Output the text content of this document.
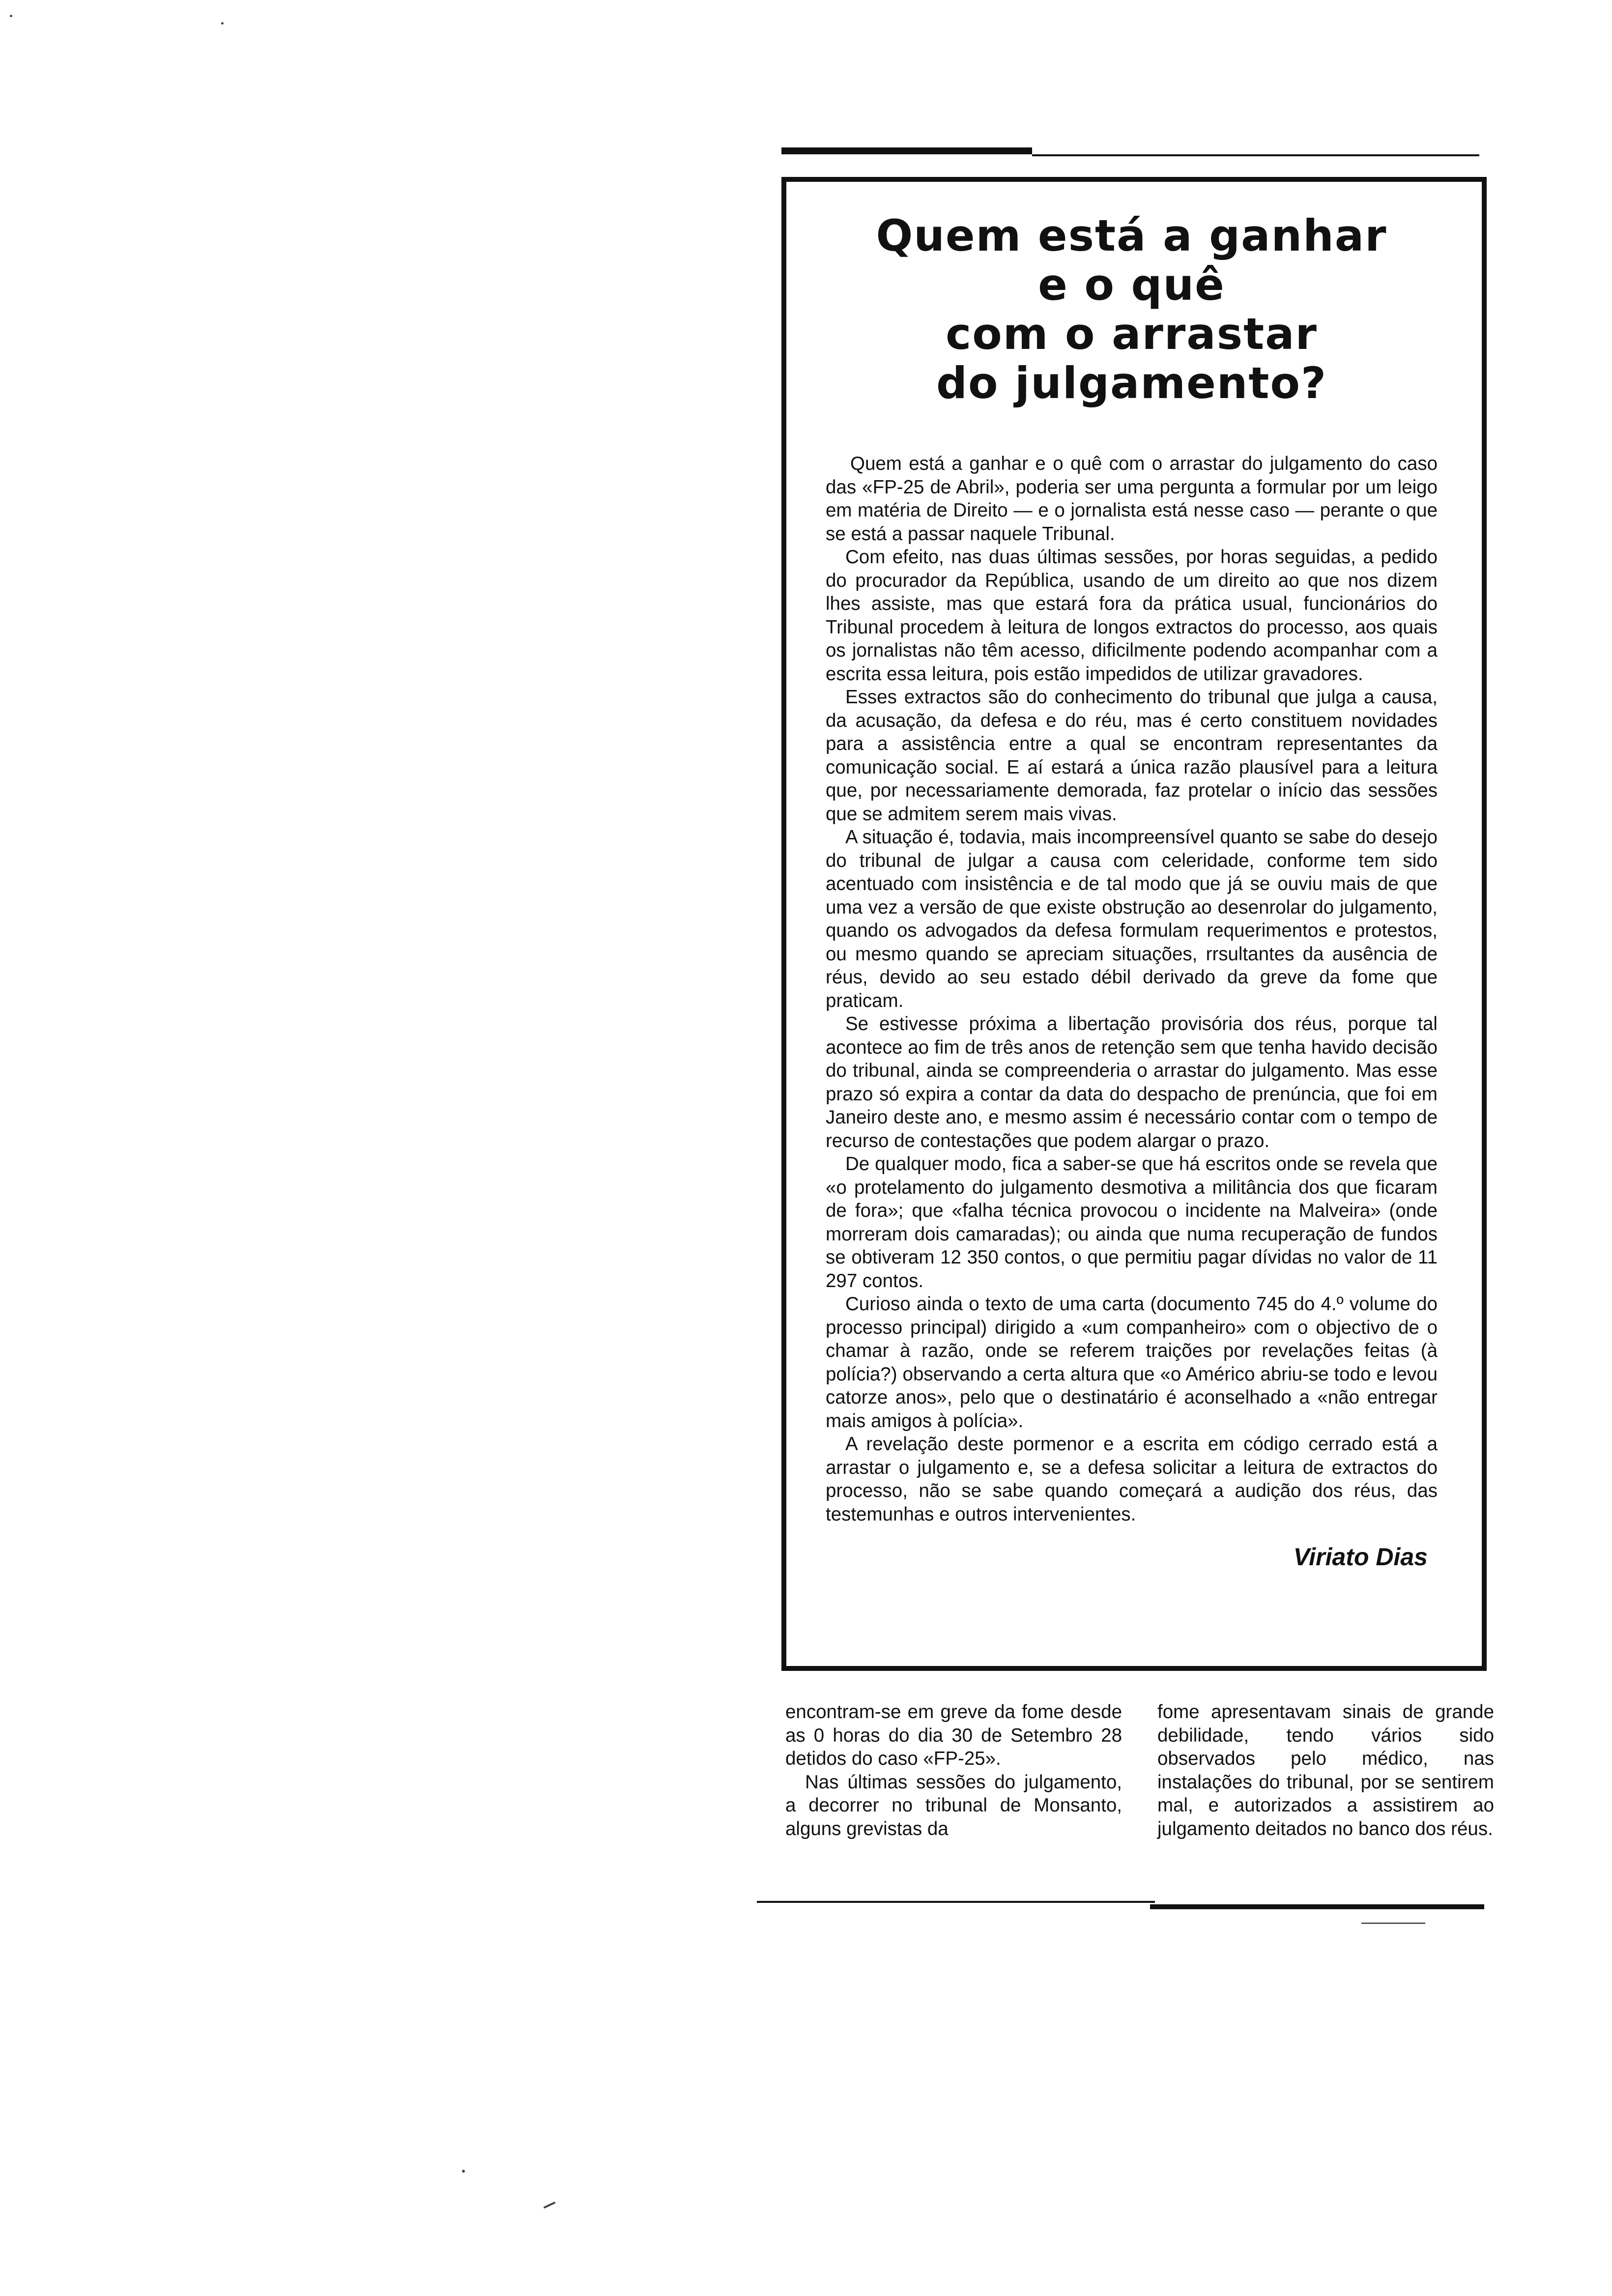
Quem está a ganhar
e o quê
com o arrastar
do julgamento?

Quem está a ganhar e o quê com o arrastar do julgamento do caso das «FP-25 de Abril», poderia ser uma pergunta a formular por um leigo em matéria de Direito — e o jornalista está nesse caso — perante o que se está a passar naquele Tribunal.

Com efeito, nas duas últimas sessões, por horas seguidas, a pedido do procurador da República, usando de um direito ao que nos dizem lhes assiste, mas que estará fora da prática usual, funcionários do Tribunal procedem à leitura de longos extractos do processo, aos quais os jornalistas não têm acesso, dificilmente podendo acompanhar com a escrita essa leitura, pois estão impedidos de utilizar gravadores.

Esses extractos são do conhecimento do tribunal que julga a causa, da acusação, da defesa e do réu, mas é certo constituem novidades para a assistência entre a qual se encontram representantes da comunicação social. E aí estará a única razão plausível para a leitura que, por necessariamente demorada, faz protelar o início das sessões que se admitem serem mais vivas.

A situação é, todavia, mais incompreensível quanto se sabe do desejo do tribunal de julgar a causa com celeridade, conforme tem sido acentuado com insistência e de tal modo que já se ouviu mais de que uma vez a versão de que existe obstrução ao desenrolar do julgamento, quando os advogados da defesa formulam requerimentos e protestos, ou mesmo quando se apreciam situações, rrsultantes da ausência de réus, devido ao seu estado débil derivado da greve da fome que praticam.

Se estivesse próxima a libertação provisória dos réus, porque tal acontece ao fim de três anos de retenção sem que tenha havido decisão do tribunal, ainda se compreenderia o arrastar do julgamento. Mas esse prazo só expira a contar da data do despacho de prenúncia, que foi em Janeiro deste ano, e mesmo assim é necessário contar com o tempo de recurso de contestações que podem alargar o prazo.

De qualquer modo, fica a saber-se que há escritos onde se revela que «o protelamento do julgamento desmotiva a militância dos que ficaram de fora»; que «falha técnica provocou o incidente na Malveira» (onde morreram dois camaradas); ou ainda que numa recuperação de fundos se obtiveram 12 350 contos, o que permitiu pagar dívidas no valor de 11 297 contos.

Curioso ainda o texto de uma carta (documento 745 do 4.º volume do processo principal) dirigido a «um companheiro» com o objectivo de o chamar à razão, onde se referem traições por revelações feitas (à polícia?) observando a certa altura que «o Américo abriu-se todo e levou catorze anos», pelo que o destinatário é aconselhado a «não entregar mais amigos à polícia».

A revelação deste pormenor e a escrita em código cerrado está a arrastar o julgamento e, se a defesa solicitar a leitura de extractos do processo, não se sabe quando começará a audição dos réus, das testemunhas e outros intervenientes.

Viriato Dias

encontram-se em greve da fome desde as 0 horas do dia 30 de Setembro 28 detidos do caso «FP-25».

Nas últimas sessões do julgamento, a decorrer no tribunal de Monsanto, alguns grevistas da

fome apresentavam sinais de grande debilidade, tendo vários sido observados pelo médico, nas instalações do tribunal, por se sentirem mal, e autorizados a assistirem ao julgamento deitados no banco dos réus.
